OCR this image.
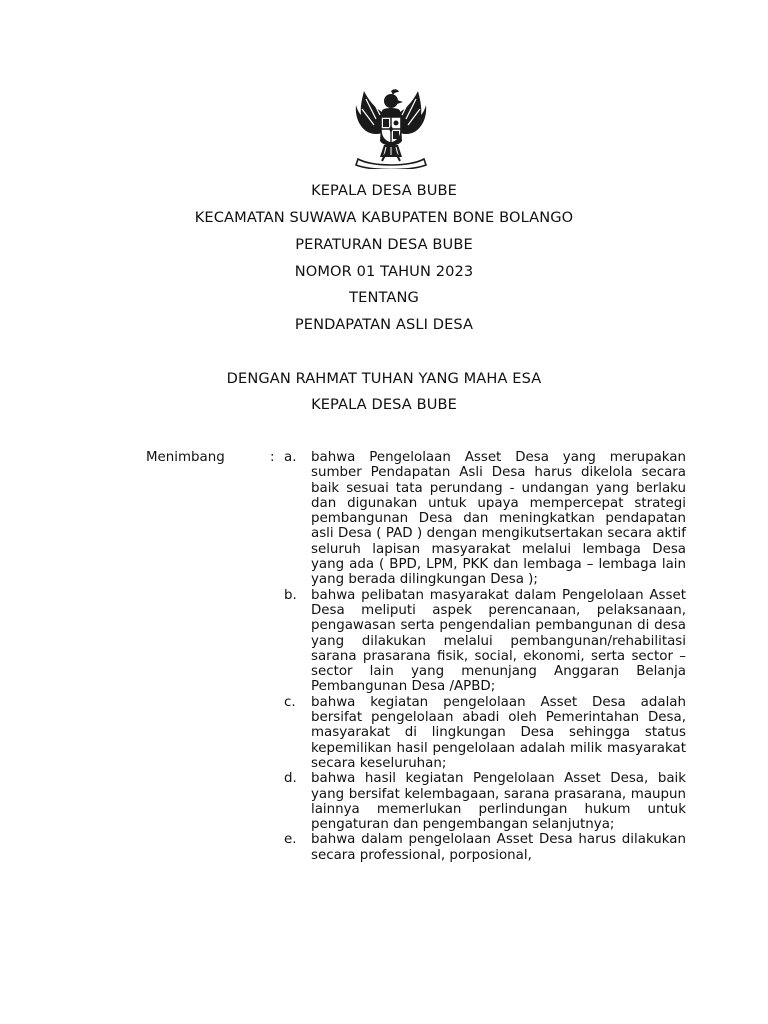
KEPALA DESA BUBE
KECAMATAN SUWAWA KABUPATEN BONE BOLANGO
PERATURAN DESA BUBE
NOMOR 01 TAHUN 2023
TENTANG
PENDAPATAN ASLI DESA
DENGAN RAHMAT TUHAN YANG MAHA ESA
KEPALA DESA BUBE
Menimbang	: a.	bahwa Pengelolaan Asset Desa yang merupakan sumber Pendapatan Asli Desa harus dikelola secara baik sesuai tata perundang - undangan yang berlaku dan digunakan untuk upaya mempercepat strategi pembangunan Desa dan meningkatkan pendapatan asli Desa ( PAD ) dengan mengikutsertakan secara aktif seluruh lapisan masyarakat melalui lembaga Desa yang ada ( BPD, LPM, PKK dan lembaga – lembaga lain yang berada dilingkungan Desa );
b.	bahwa pelibatan masyarakat dalam Pengelolaan Asset Desa meliputi aspek perencanaan, pelaksanaan, pengawasan serta pengendalian pembangunan di desa yang dilakukan melalui pembangunan/rehabilitasi sarana prasarana fisik, social, ekonomi, serta sector – sector lain yang menunjang Anggaran Belanja Pembangunan Desa /APBD;
c.	bahwa kegiatan pengelolaan Asset Desa adalah bersifat pengelolaan abadi oleh Pemerintahan Desa, masyarakat di lingkungan Desa sehingga status kepemilikan hasil pengelolaan adalah milik masyarakat secara keseluruhan;
d.	bahwa hasil kegiatan Pengelolaan Asset Desa, baik yang bersifat kelembagaan, sarana prasarana, maupun lainnya memerlukan perlindungan hukum untuk pengaturan dan pengembangan selanjutnya;
e.	bahwa dalam pengelolaan Asset Desa harus dilakukan secara professional, porposional,
